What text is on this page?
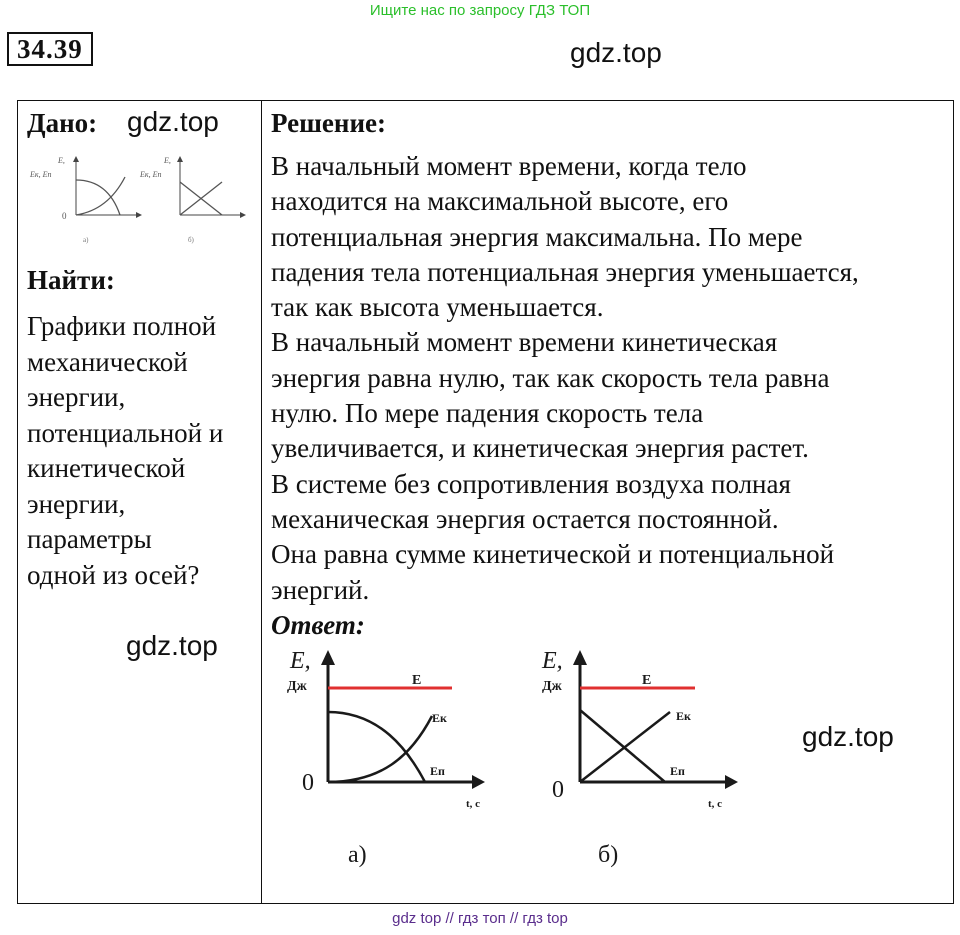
Ищите нас по запросу ГДЗ ТОП
34.39	gdz.top
Дано: gdz.top
E,
Eк, Eп
0
а)
E,
Eк, Eп
б)
Найти:
Графики полной
механической
энергии,
потенциальной и
кинетической
энергии,
параметры
одной из осей?
gdz.top
Решение:
В начальный момент времени, когда тело
находится на максимальной высоте, его
потенциальная энергия максимальна. По мере
падения тела потенциальная энергия уменьшается,
так как высота уменьшается.
В начальный момент времени кинетическая
энергия равна нулю, так как скорость тела равна
нулю. По мере падения скорость тела
увеличивается, и кинетическая энергия растет.
В системе без сопротивления воздуха полная
механическая энергия остается постоянной.
Она равна сумме кинетической и потенциальной
энергий.
Ответ:
gdz.top
E,
Дж	E
Eк
Eп
0
t, c
а)
E,
Дж	E
Eк
Eп
0
t, c
б)
gdz top // гдз топ // гдз top
